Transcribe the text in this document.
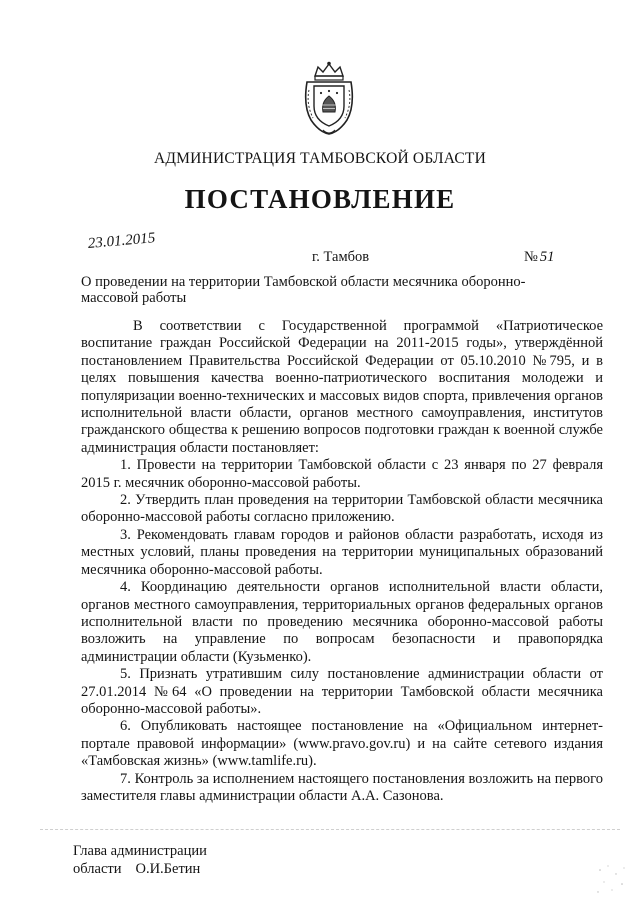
АДМИНИСТРАЦИЯ ТАМБОВСКОЙ ОБЛАСТИ
ПОСТАНОВЛЕНИЕ
23.01.2015
г. Тамбов	№ 51
О проведении на территории Тамбовской области месячника оборонно-массовой работы

В соответствии с Государственной программой «Патриотическое воспитание граждан Российской Федерации на 2011-2015 годы», утверждённой постановлением Правительства Российской Федерации от 05.10.2010 №795, и в целях повышения качества военно-патриотического воспитания молодежи и популяризации военно-технических и массовых видов спорта, привлечения органов исполнительной власти области, органов местного самоуправления, институтов гражданского общества к решению вопросов подготовки граждан к военной службе администрация области постановляет:

1. Провести на территории Тамбовской области с 23 января по 27 февраля 2015 г. месячник оборонно-массовой работы.

2. Утвердить план проведения на территории Тамбовской области месячника оборонно-массовой работы согласно приложению.

3. Рекомендовать главам городов и районов области разработать, исходя из местных условий, планы проведения на территории муниципальных образований месячника оборонно-массовой работы.

4. Координацию деятельности органов исполнительной власти области, органов местного самоуправления, территориальных органов федеральных органов исполнительной власти по проведению месячника оборонно-массовой работы возложить на управление по вопросам безопасности и правопорядка администрации области (Кузьменко).

5. Признать утратившим силу постановление администрации области от 27.01.2014 №64 «О проведении на территории Тамбовской области месячника оборонно-массовой работы».

6. Опубликовать настоящее постановление на «Официальном интернет-портале правовой информации» (www.pravo.gov.ru) и на сайте сетевого издания «Тамбовская жизнь» (www.tamlife.ru).

7. Контроль за исполнением настоящего постановления возложить на первого заместителя главы администрации области А.А. Сазонова.

Глава администрации
области О.И.Бетин
